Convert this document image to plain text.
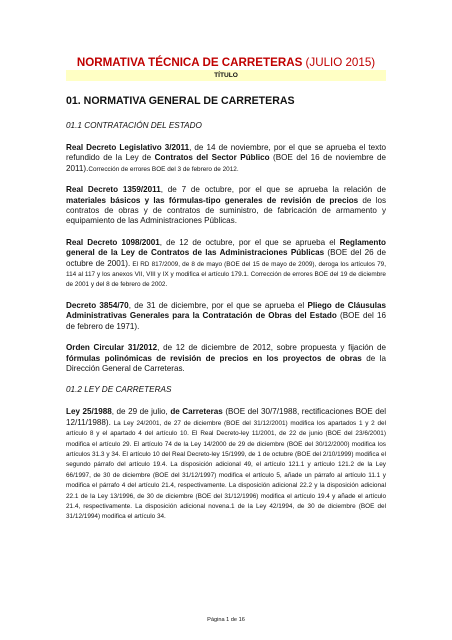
NORMATIVA TÉCNICA DE CARRETERAS (JULIO 2015)
TÍTULO
01. NORMATIVA GENERAL DE CARRETERAS
01.1 CONTRATACIÓN DEL ESTADO

Real Decreto Legislativo 3/2011, de 14 de noviembre, por el que se aprueba el texto refundido de la Ley de Contratos del Sector Público (BOE del 16 de noviembre de 2011).Corrección de errores BOE del 3 de febrero de 2012.

Real Decreto 1359/2011, de 7 de octubre, por el que se aprueba la relación de materiales básicos y las fórmulas-tipo generales de revisión de precios de los contratos de obras y de contratos de suministro, de fabricación de armamento y equipamiento de las Administraciones Públicas.

Real Decreto 1098/2001, de 12 de octubre, por el que se aprueba el Reglamento general de la Ley de Contratos de las Administraciones Públicas (BOE del 26 de octubre de 2001). El RD 817/2009, de 8 de mayo (BOE del 15 de mayo de 2009), deroga los artículos 79, 114 al 117 y los anexos VII, VIII y IX y modifica el artículo 179.1. Corrección de errores BOE del 19 de diciembre de 2001 y del 8 de febrero de 2002.

Decreto 3854/70, de 31 de diciembre, por el que se aprueba el Pliego de Cláusulas Administrativas Generales para la Contratación de Obras del Estado (BOE del 16 de febrero de 1971).

Orden Circular 31/2012, de 12 de diciembre de 2012, sobre propuesta y fijación de fórmulas polinómicas de revisión de precios en los proyectos de obras de la Dirección General de Carreteras.

01.2 LEY DE CARRETERAS

Ley 25/1988, de 29 de julio, de Carreteras (BOE del 30/7/1988, rectificaciones BOE del 12/11/1988). La Ley 24/2001, de 27 de diciembre (BOE del 31/12/2001) modifica los apartados 1 y 2 del artículo 8 y el apartado 4 del artículo 10. El Real Decreto-ley 11/2001, de 22 de junio (BOE del 23/6/2001) modifica el artículo 29. El artículo 74 de la Ley 14/2000 de 29 de diciembre (BOE del 30/12/2000) modifica los artículos 31.3 y 34. El artículo 10 del Real Decreto-ley 15/1999, de 1 de octubre (BOE del 2/10/1999) modifica el segundo párrafo del artículo 19.4. La disposición adicional 49, el artículo 121.1 y artículo 121.2 de la Ley 66/1997, de 30 de diciembre (BOE del 31/12/1997) modifica el artículo 5, añade un párrafo al artículo 11.1 y modifica el párrafo 4 del artículo 21.4, respectivamente. La disposición adicional 22.2 y la disposición adicional 22.1 de la Ley 13/1996, de 30 de diciembre (BOE del 31/12/1996) modifica el artículo 19.4 y añade el artículo 21.4, respectivamente. La disposición adicional novena.1 de la Ley 42/1994, de 30 de diciembre (BOE del 31/12/1994) modifica el artículo 34.

Página 1 de 16
